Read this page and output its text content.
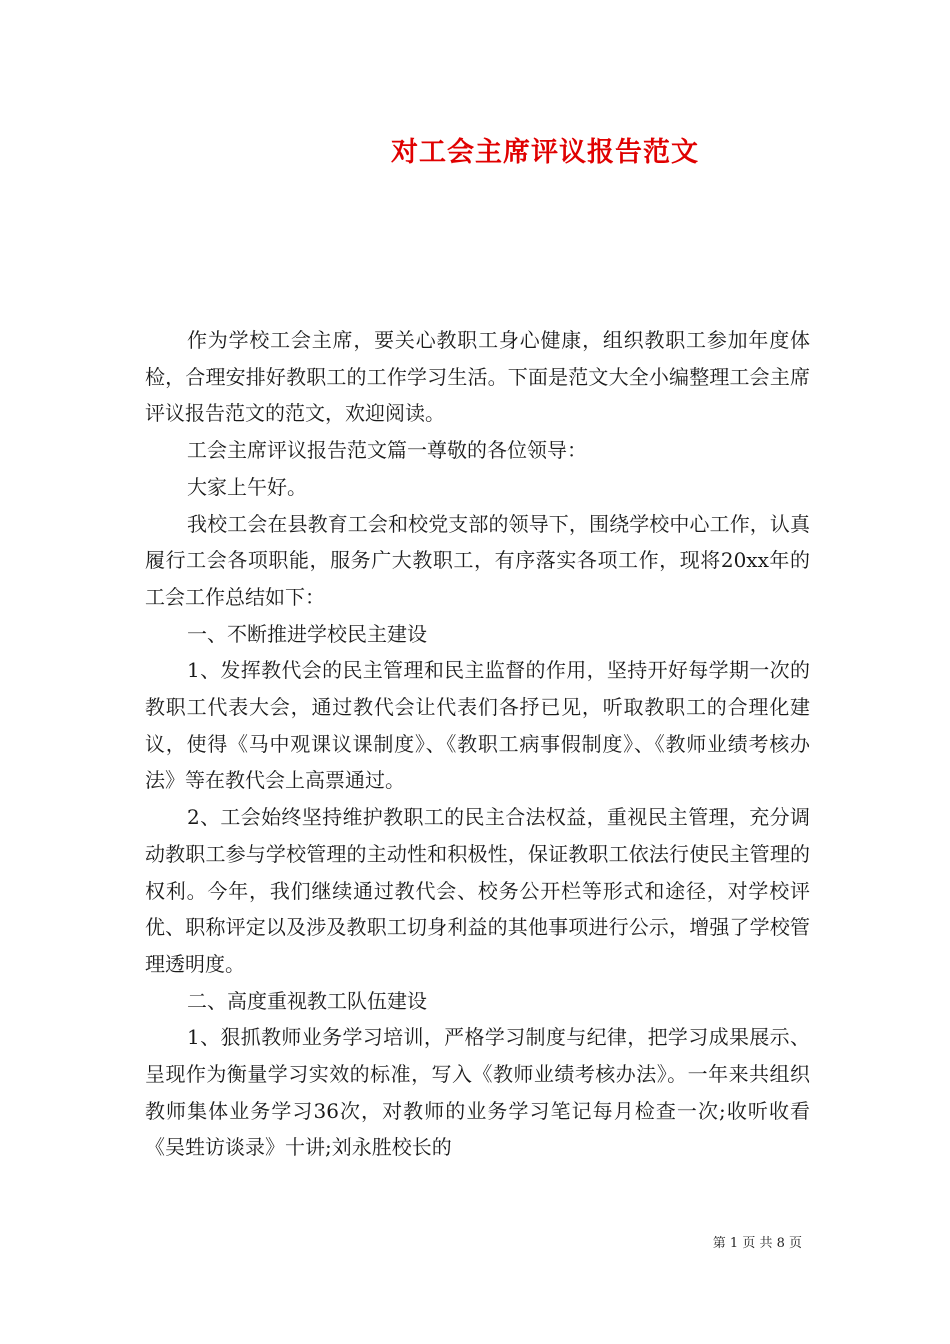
对工会主席评议报告范文

作为学校工会主席，要关心教职工身心健康，组织教职工参加年度体检，合理安排好教职工的工作学习生活。下面是范文大全小编整理工会主席评议报告范文的范文，欢迎阅读。

工会主席评议报告范文篇一尊敬的各位领导：

大家上午好。

我校工会在县教育工会和校党支部的领导下，围绕学校中心工作，认真履行工会各项职能，服务广大教职工，有序落实各项工作，现将20xx年的工会工作总结如下：

一、不断推进学校民主建设

1、发挥教代会的民主管理和民主监督的作用，坚持开好每学期一次的教职工代表大会，通过教代会让代表们各抒已见，听取教职工的合理化建议，使得《马中观课议课制度》、《教职工病事假制度》、《教师业绩考核办法》等在教代会上高票通过。

2、工会始终坚持维护教职工的民主合法权益，重视民主管理，充分调动教职工参与学校管理的主动性和积极性，保证教职工依法行使民主管理的权利。今年，我们继续通过教代会、校务公开栏等形式和途径，对学校评优、职称评定以及涉及教职工切身利益的其他事项进行公示，增强了学校管理透明度。

二、高度重视教工队伍建设

1、狠抓教师业务学习培训，严格学习制度与纪律，把学习成果展示、呈现作为衡量学习实效的标准，写入《教师业绩考核办法》。一年来共组织教师集体业务学习36次，对教师的业务学习笔记每月检查一次;收听收看《吴甡访谈录》十讲;刘永胜校长的

第 1 页 共 8 页
